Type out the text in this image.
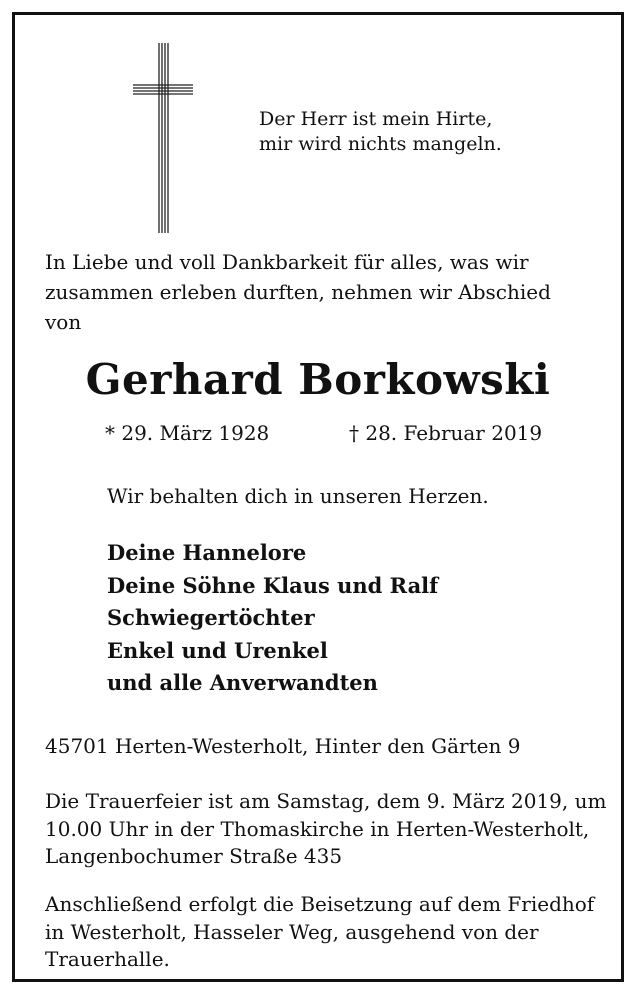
Der Herr ist mein Hirte,
mir wird nichts mangeln.
In Liebe und voll Dankbarkeit für alles, was wir
zusammen erleben durften, nehmen wir Abschied
von
Gerhard Borkowski
* 29. März 1928	† 28. Februar 2019
Wir behalten dich in unseren Herzen.
Deine Hannelore
Deine Söhne Klaus und Ralf
Schwiegertöchter
Enkel und Urenkel
und alle Anverwandten
45701 Herten-Westerholt, Hinter den Gärten 9
Die Trauerfeier ist am Samstag, dem 9. März 2019, um
10.00 Uhr in der Thomaskirche in Herten-Westerholt,
Langenbochumer Straße 435
Anschließend erfolgt die Beisetzung auf dem Friedhof
in Westerholt, Hasseler Weg, ausgehend von der
Trauerhalle.
